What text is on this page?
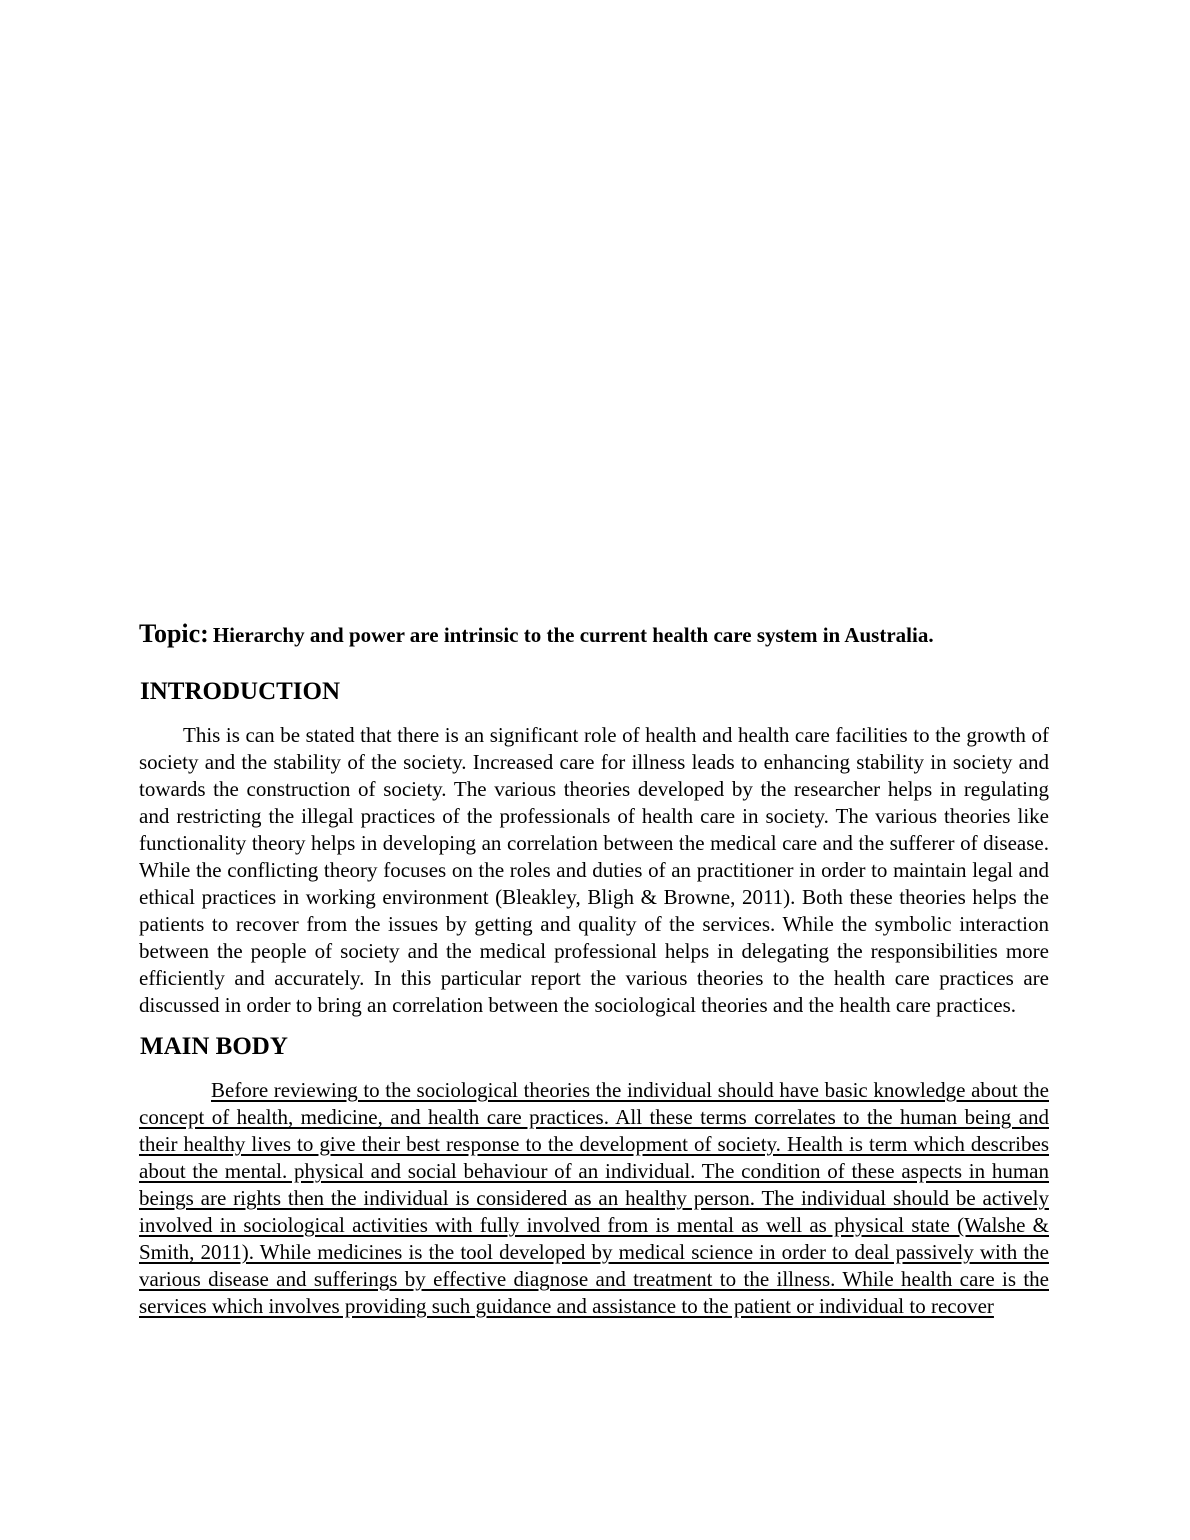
Topic: Hierarchy and power are intrinsic to the current health care system in Australia.
INTRODUCTION

This is can be stated that there is an significant role of health and health care facilities to the growth of society and the stability of the society. Increased care for illness leads to enhancing stability in society and towards the construction of society. The various theories developed by the researcher helps in regulating and restricting the illegal practices of the professionals of health care in society. The various theories like functionality theory helps in developing an correlation between the medical care and the sufferer of disease. While the conflicting theory focuses on the roles and duties of an practitioner in order to maintain legal and ethical practices in working environment (Bleakley, Bligh & Browne, 2011). Both these theories helps the patients to recover from the issues by getting and quality of the services. While the symbolic interaction between the people of society and the medical professional helps in delegating the responsibilities more efficiently and accurately. In this particular report the various theories to the health care practices are discussed in order to bring an correlation between the sociological theories and the health care practices.

MAIN BODY

Before reviewing to the sociological theories the individual should have basic knowledge about the concept of health, medicine, and health care practices. All these terms correlates to the human being and their healthy lives to give their best response to the development of society. Health is term which describes about the mental. physical and social behaviour of an individual. The condition of these aspects in human beings are rights then the individual is considered as an healthy person. The individual should be actively involved in sociological activities with fully involved from is mental as well as physical state (Walshe & Smith, 2011). While medicines is the tool developed by medical science in order to deal passively with the various disease and sufferings by effective diagnose and treatment to the illness. While health care is the services which involves providing such guidance and assistance to the patient or individual to recover
